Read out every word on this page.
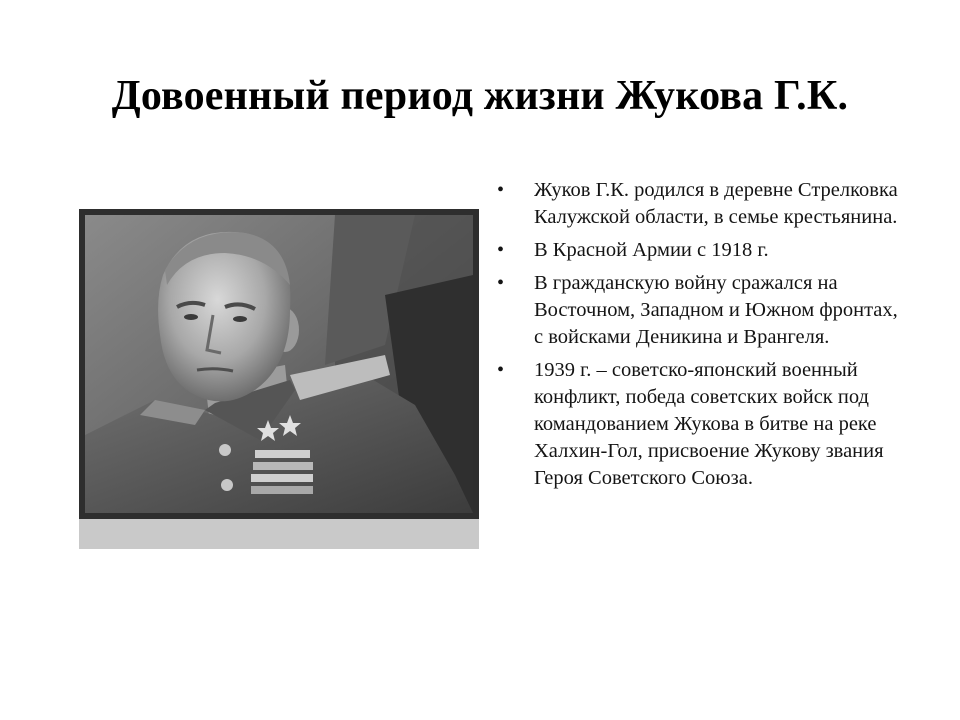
Довоенный период жизни Жукова Г.К.
• Жуков Г.К. родился в деревне Стрелковка Калужской области, в семье крестьянина.
• В Красной Армии с 1918 г.
• В гражданскую войну сражался на Восточном, Западном и Южном фронтах, с войсками Деникина и Врангеля.
• 1939 г. – советско-японский военный конфликт, победа советских войск под командованием Жукова в битве на реке Халхин-Гол, присвоение Жукову звания Героя Советского Союза.
